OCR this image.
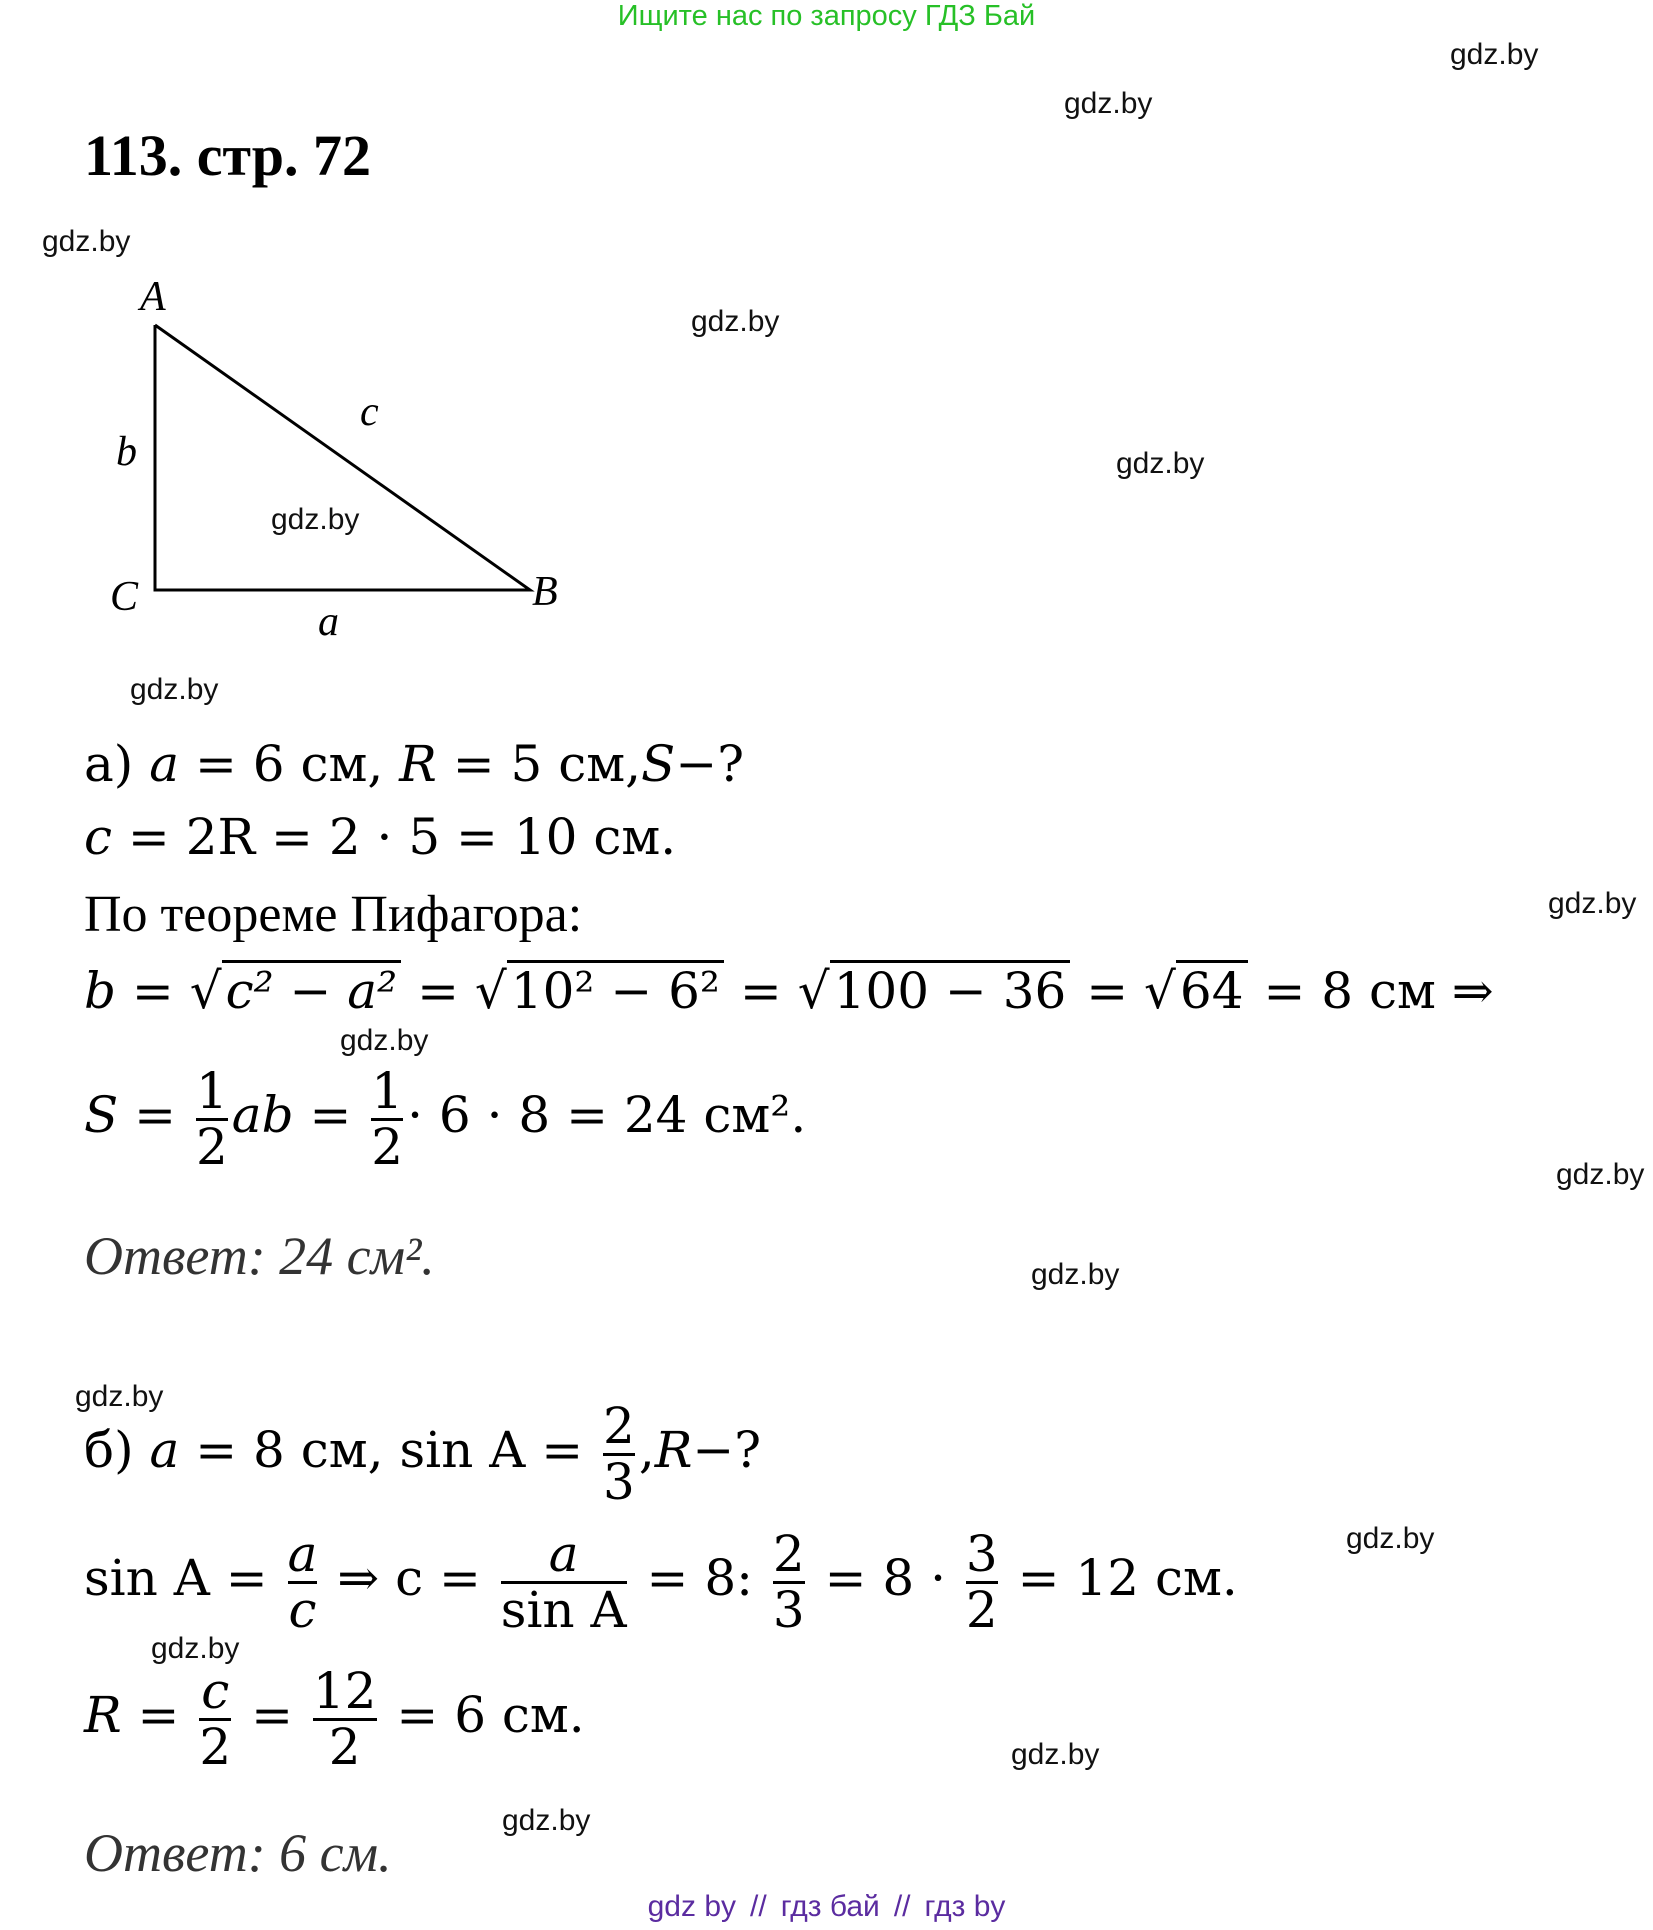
Ищите нас по запросу ГДЗ Бай
gdz.by
gdz.by
gdz.by
gdz.by
gdz.by
gdz.by
gdz.by
gdz.by
gdz.by
gdz.by
gdz.by
gdz.by
gdz.by
gdz.by
gdz.by
gdz.by
113. стр. 72
A
B
C
a
b
c
а) a = 6 см, R = 5 см,S−?
c = 2R = 2 · 5 = 10 см.
По теореме Пифагора:
b = √c² − a² = √10² − 6² = √100 − 36 = √64 = 8 см ⇒
$S = \frac{1}{2}$ ab = $\frac{1}{2} \cdot 6 \cdot 8 = 24$ см².
Ответ: 24 см².
б) a = 8 см, $\sin A = \frac{2}{3} ,R-$?
$\sin A = \frac{a}{c}$ ⇒ $c = \frac{a}{\text{sin A}} = 8$: $\frac{2}{3} = 8 \cdot \frac{3}{2} = 12$ см.
$R = \frac{c}{2} = \frac{12}{2} = 6$ см.
Ответ: 6 см.
gdz by // гдз бай // гдз by
